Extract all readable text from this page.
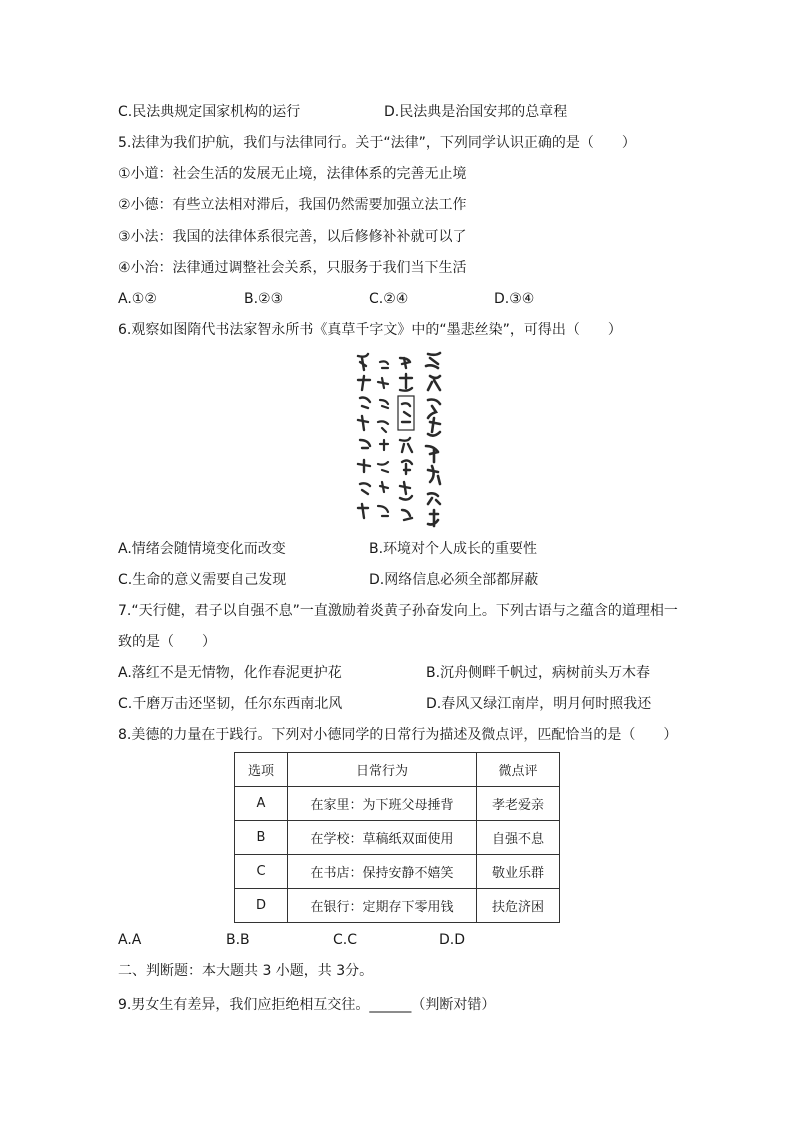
C.民法典规定国家机构的运行	D.民法典是治国安邦的总章程
5.法律为我们护航，我们与法律同行。关于“法律”，下列同学认识正确的是（　　）
①小道：社会生活的发展无止境，法律体系的完善无止境
②小德：有些立法相对滞后，我国仍然需要加强立法工作
③小法：我国的法律体系很完善，以后修修补补就可以了
④小治：法律通过调整社会关系，只服务于我们当下生活
A.①②	B.②③	C.②④	D.③④
6.观察如图隋代书法家智永所书《真草千字文》中的“墨悲丝染”，可得出（　　）
A.情绪会随情境变化而改变	B.环境对个人成长的重要性
C.生命的意义需要自己发现	D.网络信息必须全部都屏蔽
7.“天行健，君子以自强不息”一直激励着炎黄子孙奋发向上。下列古语与之蕴含的道理相一
致的是（　　）
A.落红不是无情物，化作春泥更护花	B.沉舟侧畔千帆过，病树前头万木春
C.千磨万击还坚韧，任尔东西南北风	D.春风又绿江南岸，明月何时照我还
8.美德的力量在于践行。下列对小德同学的日常行为描述及微点评，匹配恰当的是（　　）
选项	日常行为	微点评
A	在家里：为下班父母捶背	孝老爱亲
B	在学校：草稿纸双面使用	自强不息
C	在书店：保持安静不嬉笑	敬业乐群
D	在银行：定期存下零用钱	扶危济困
A.A	B.B	C.C	D.D
二、判断题：本大题共 3 小题，共 3分。
9.男女生有差异，我们应拒绝相互交往。______（判断对错）
